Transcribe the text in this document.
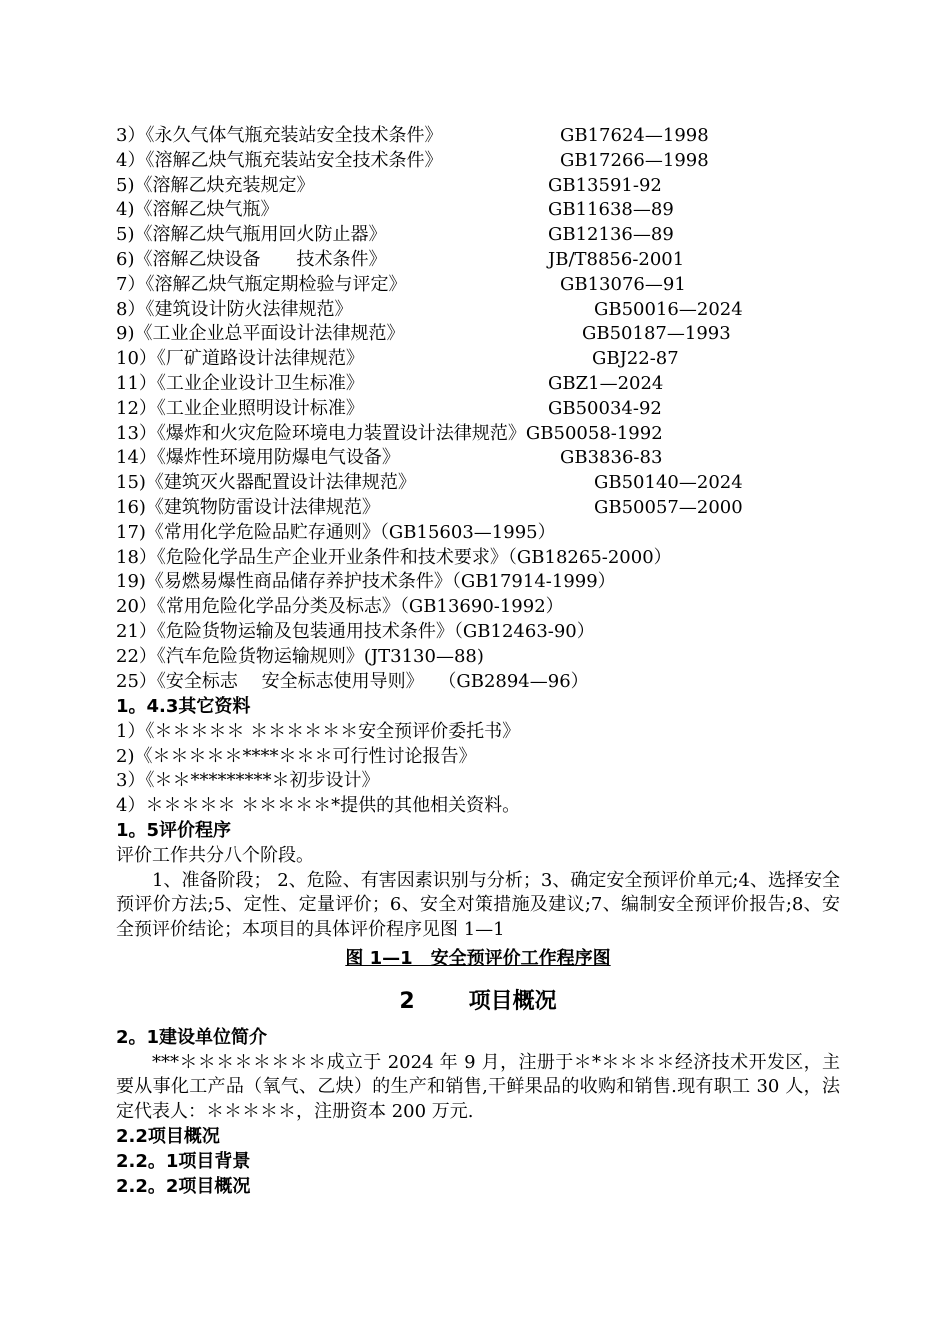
3）《永久气体气瓶充装站安全技术条件》	GB17624—1998
4）《溶解乙炔气瓶充装站安全技术条件》	GB17266—1998
5)《溶解乙炔充装规定》	GB13591-92
4)《溶解乙炔气瓶》	GB11638—89
5)《溶解乙炔气瓶用回火防止器》	GB12136—89
6)《溶解乙炔设备　　技术条件》	JB/T8856-2001
7）《溶解乙炔气瓶定期检验与评定》	GB13076—91
8）《建筑设计防火法律规范》	GB50016—2024
9)《工业企业总平面设计法律规范》	GB50187—1993
10）《厂矿道路设计法律规范》	GBJ22-87
11）《工业企业设计卫生标准》	GBZ1—2024
12）《工业企业照明设计标准》	GB50034-92
13）《爆炸和火灾危险环境电力装置设计法律规范》GB50058-1992
14）《爆炸性环境用防爆电气设备》	GB3836-83
15)《建筑灭火器配置设计法律规范》	GB50140—2024
16)《建筑物防雷设计法律规范》	GB50057—2000
17)《常用化学危险品贮存通则》（GB15603—1995）
18）《危险化学品生产企业开业条件和技术要求》（GB18265-2000）
19)《易燃易爆性商品储存养护技术条件》（GB17914-1999）
20）《常用危险化学品分类及标志》（GB13690-1992）
21）《危险货物运输及包装通用技术条件》（GB12463-90）
22）《汽车危险货物运输规则》(JT3130—88)
25）《安全标志　 安全标志使用导则》　 （GB2894—96）
1。4.3其它资料
1）《＊＊＊＊＊ ＊＊＊＊＊＊安全预评价委托书》
2)《＊＊＊＊＊****＊＊＊可行性讨论报告》
3）《＊＊*********＊初步设计》
4）＊＊＊＊＊ ＊＊＊＊＊*提供的其他相关资料。
1。5评价程序
评价工作共分八个阶段。
1、准备阶段； 2、危险、有害因素识别与分析；3、确定安全预评价单元;4、选择安全预评价方法;5、定性、定量评价；6、安全对策措施及建议;7、编制安全预评价报告;8、安全预评价结论；本项目的具体评价程序见图 1—1
图 1—1　安全预评价工作程序图
2 项目概况
2。1建设单位简介
***＊＊＊＊＊＊＊＊成立于 2024 年 9 月，注册于＊*＊＊＊＊经济技术开发区，主要从事化工产品（氧气、乙炔）的生产和销售,干鲜果品的收购和销售.现有职工 30 人，法定代表人：＊＊＊＊＊，注册资本 200 万元.
2.2项目概况
2.2。1项目背景
2.2。2项目概况
